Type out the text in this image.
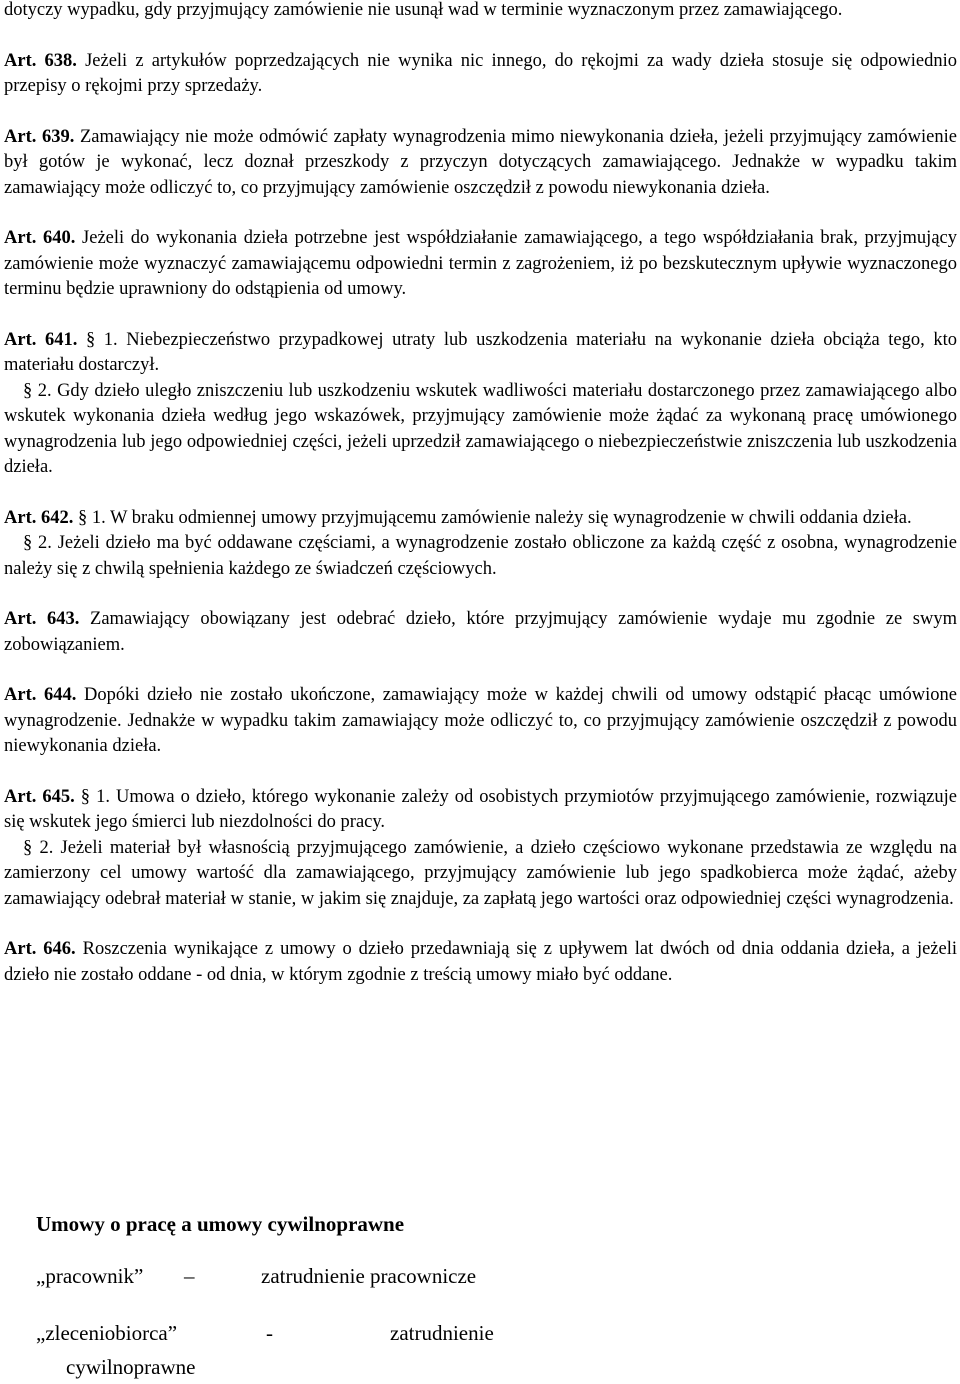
dotyczy wypadku, gdy przyjmujący zamówienie nie usunął wad w terminie wyznaczonym przez zamawiającego.

Art. 638. Jeżeli z artykułów poprzedzających nie wynika nic innego, do rękojmi za wady dzieła stosuje się odpowiednio przepisy o rękojmi przy sprzedaży.

Art. 639. Zamawiający nie może odmówić zapłaty wynagrodzenia mimo niewykonania dzieła, jeżeli przyjmujący zamówienie był gotów je wykonać, lecz doznał przeszkody z przyczyn dotyczących zamawiającego. Jednakże w wypadku takim zamawiający może odliczyć to, co przyjmujący zamówienie oszczędził z powodu niewykonania dzieła.

Art. 640. Jeżeli do wykonania dzieła potrzebne jest współdziałanie zamawiającego, a tego współdziałania brak, przyjmujący zamówienie może wyznaczyć zamawiającemu odpowiedni termin z zagrożeniem, iż po bezskutecznym upływie wyznaczonego terminu będzie uprawniony do odstąpienia od umowy.

Art. 641. § 1. Niebezpieczeństwo przypadkowej utraty lub uszkodzenia materiału na wykonanie dzieła obciąża tego, kto materiału dostarczył.

§ 2. Gdy dzieło uległo zniszczeniu lub uszkodzeniu wskutek wadliwości materiału dostarczonego przez zamawiającego albo wskutek wykonania dzieła według jego wskazówek, przyjmujący zamówienie może żądać za wykonaną pracę umówionego wynagrodzenia lub jego odpowiedniej części, jeżeli uprzedził zamawiającego o niebezpieczeństwie zniszczenia lub uszkodzenia dzieła.

Art. 642. § 1. W braku odmiennej umowy przyjmującemu zamówienie należy się wynagrodzenie w chwili oddania dzieła.

§ 2. Jeżeli dzieło ma być oddawane częściami, a wynagrodzenie zostało obliczone za każdą część z osobna, wynagrodzenie należy się z chwilą spełnienia każdego ze świadczeń częściowych.

Art. 643. Zamawiający obowiązany jest odebrać dzieło, które przyjmujący zamówienie wydaje mu zgodnie ze swym zobowiązaniem.

Art. 644. Dopóki dzieło nie zostało ukończone, zamawiający może w każdej chwili od umowy odstąpić płacąc umówione wynagrodzenie. Jednakże w wypadku takim zamawiający może odliczyć to, co przyjmujący zamówienie oszczędził z powodu niewykonania dzieła.

Art. 645. § 1. Umowa o dzieło, którego wykonanie zależy od osobistych przymiotów przyjmującego zamówienie, rozwiązuje się wskutek jego śmierci lub niezdolności do pracy.

§ 2. Jeżeli materiał był własnością przyjmującego zamówienie, a dzieło częściowo wykonane przedstawia ze względu na zamierzony cel umowy wartość dla zamawiającego, przyjmujący zamówienie lub jego spadkobierca może żądać, ażeby zamawiający odebrał materiał w stanie, w jakim się znajduje, za zapłatą jego wartości oraz odpowiedniej części wynagrodzenia.

Art. 646. Roszczenia wynikające z umowy o dzieło przedawniają się z upływem lat dwóch od dnia oddania dzieła, a jeżeli dzieło nie zostało oddane - od dnia, w którym zgodnie z treścią umowy miało być oddane.

Umowy o pracę a umowy cywilnoprawne

„pracownik” –	zatrudnienie pracownicze
„zleceniobiorca”	-	zatrudnienie
cywilnoprawne
